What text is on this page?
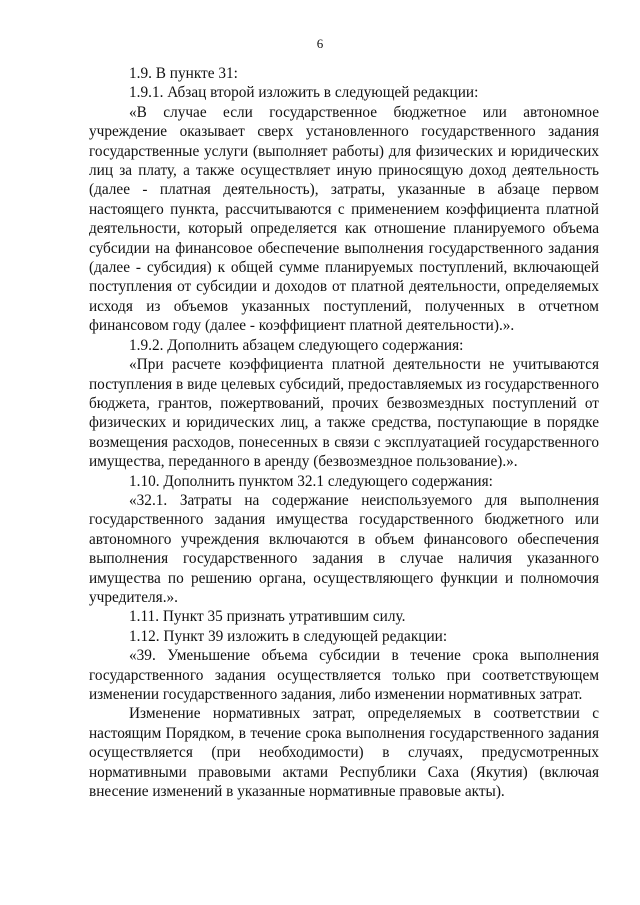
6

1.9. В пункте 31:

1.9.1. Абзац второй изложить в следующей редакции:

«В случае если государственное бюджетное или автономное учреждение оказывает сверх установленного государственного задания государственные услуги (выполняет работы) для физических и юридических лиц за плату, а также осуществляет иную приносящую доход деятельность (далее - платная деятельность), затраты, указанные в абзаце первом настоящего пункта, рассчитываются с применением коэффициента платной деятельности, который определяется как отношение планируемого объема субсидии на финансовое обеспечение выполнения государственного задания (далее - субсидия) к общей сумме планируемых поступлений, включающей поступления от субсидии и доходов от платной деятельности, определяемых исходя из объемов указанных поступлений, полученных в отчетном финансовом году (далее - коэффициент платной деятельности).».

1.9.2. Дополнить абзацем следующего содержания:

«При расчете коэффициента платной деятельности не учитываются поступления в виде целевых субсидий, предоставляемых из государственного бюджета, грантов, пожертвований, прочих безвозмездных поступлений от физических и юридических лиц, а также средства, поступающие в порядке возмещения расходов, понесенных в связи с эксплуатацией государственного имущества, переданного в аренду (безвозмездное пользование).».

1.10. Дополнить пунктом 32.1 следующего содержания:

«32.1. Затраты на содержание неиспользуемого для выполнения государственного задания имущества государственного бюджетного или автономного учреждения включаются в объем финансового обеспечения выполнения государственного задания в случае наличия указанного имущества по решению органа, осуществляющего функции и полномочия учредителя.».

1.11. Пункт 35 признать утратившим силу.

1.12. Пункт 39 изложить в следующей редакции:

«39. Уменьшение объема субсидии в течение срока выполнения государственного задания осуществляется только при соответствующем изменении государственного задания, либо изменении нормативных затрат.

Изменение нормативных затрат, определяемых в соответствии с настоящим Порядком, в течение срока выполнения государственного задания осуществляется (при необходимости) в случаях, предусмотренных нормативными правовыми актами Республики Саха (Якутия) (включая внесение изменений в указанные нормативные правовые акты).
